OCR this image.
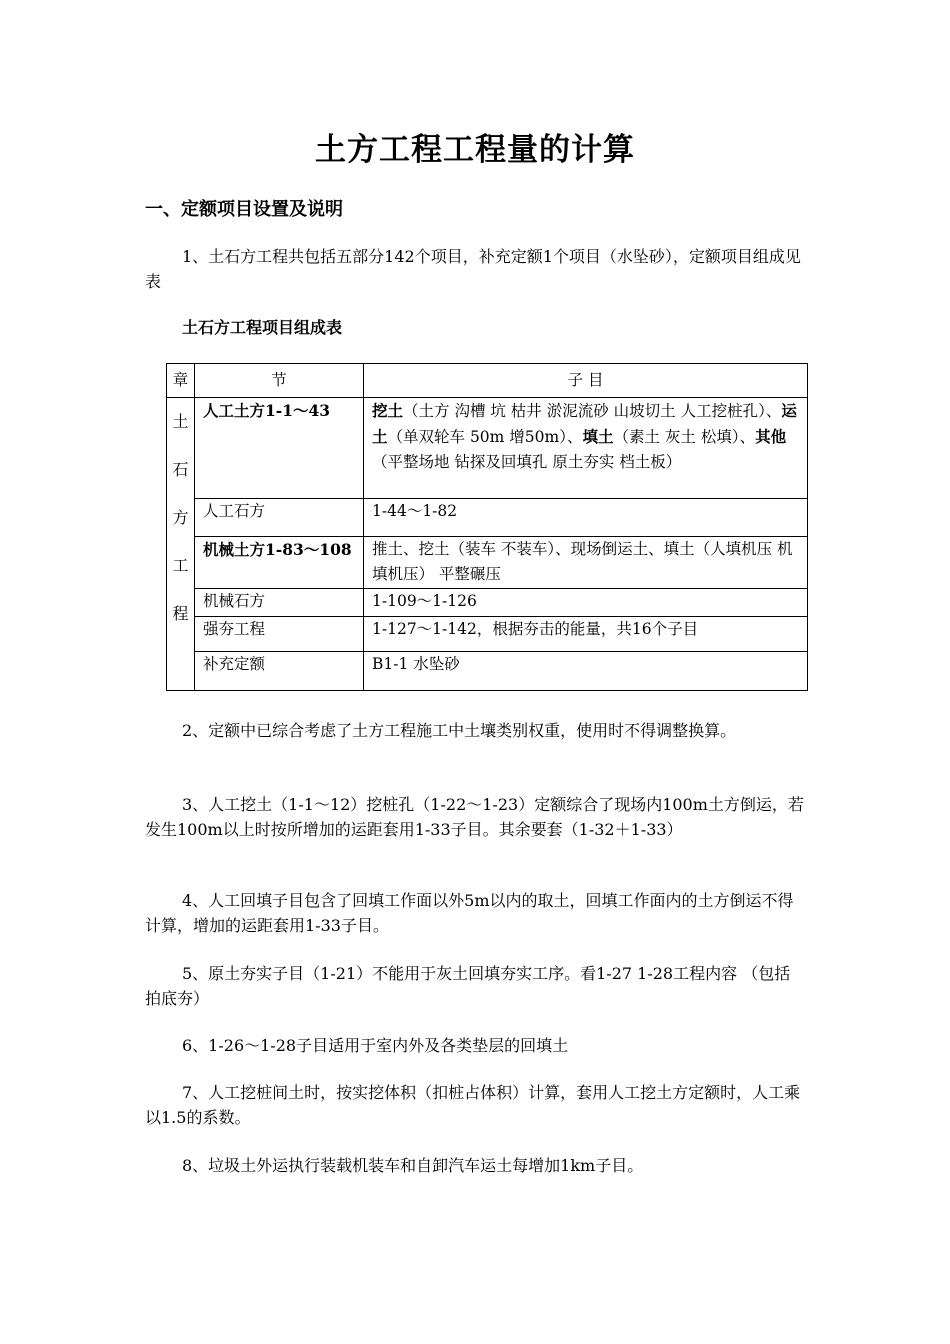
土方工程工程量的计算
一、定额项目设置及说明

1、土石方工程共包括五部分142个项目，补充定额1个项目（水坠砂），定额项目组成见表

土石方工程项目组成表
章	节	子 目

土
石
方
工
程	人工土方1-1～43	挖土（土方 沟槽 坑 枯井 淤泥流砂 山坡切土 人工挖桩孔）、运土（单双轮车 50m 增50m）、填土（素土 灰土 松填）、其他（平整场地 钻探及回填孔 原土夯实 档土板）
	人工石方	1-44～1-82
	机械土方1-83～108	推土、挖土（装车 不装车）、现场倒运土、填土（人填机压 机填机压） 平整碾压
	机械石方	1-109～1-126
	强夯工程	1-127～1-142，根据夯击的能量，共16个子目
	补充定额	B1-1 水坠砂

2、定额中已综合考虑了土方工程施工中土壤类别权重，使用时不得调整换算。

3、人工挖土（1-1～12）挖桩孔（1-22～1-23）定额综合了现场内100m土方倒运，若发生100m以上时按所增加的运距套用1-33子目。其余要套（1-32＋1-33）

4、人工回填子目包含了回填工作面以外5m以内的取土，回填工作面内的土方倒运不得计算，增加的运距套用1-33子目。

5、原土夯实子目（1-21）不能用于灰土回填夯实工序。看1-27 1-28工程内容 （包括拍底夯）

6、1-26～1-28子目适用于室内外及各类垫层的回填土

7、人工挖桩间土时，按实挖体积（扣桩占体积）计算，套用人工挖土方定额时，人工乘以1.5的系数。

8、垃圾土外运执行装载机装车和自卸汽车运土每增加1km子目。
